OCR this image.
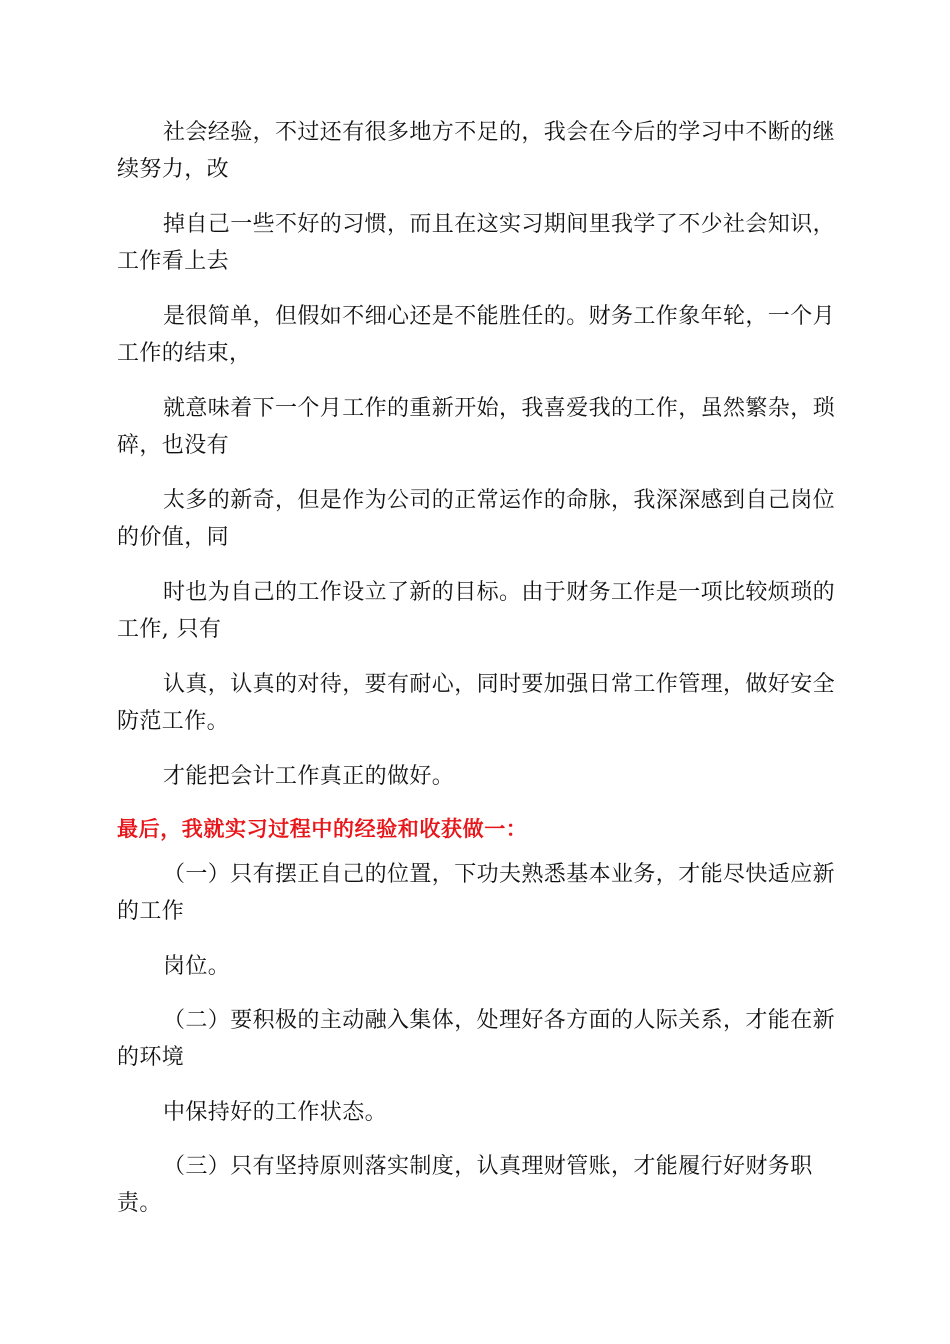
社会经验，不过还有很多地方不足的，我会在今后的学习中不断的继
续努力，改
掉自己一些不好的习惯，而且在这实习期间里我学了不少社会知识，
工作看上去
是很简单，但假如不细心还是不能胜任的。财务工作象年轮，一个月
工作的结束，
就意味着下一个月工作的重新开始，我喜爱我的工作，虽然繁杂，琐
碎，也没有
太多的新奇，但是作为公司的正常运作的命脉，我深深感到自己岗位
的价值，同
时也为自己的工作设立了新的目标。由于财务工作是一项比较烦琐的
工作, 只有
认真，认真的对待，要有耐心，同时要加强日常工作管理，做好安全
防范工作。
才能把会计工作真正的做好。
最后，我就实习过程中的经验和收获做一：
（一）只有摆正自己的位置，下功夫熟悉基本业务，才能尽快适应新
的工作
岗位。
（二）要积极的主动融入集体，处理好各方面的人际关系，才能在新
的环境
中保持好的工作状态。
（三）只有坚持原则落实制度，认真理财管账，才能履行好财务职
责。
